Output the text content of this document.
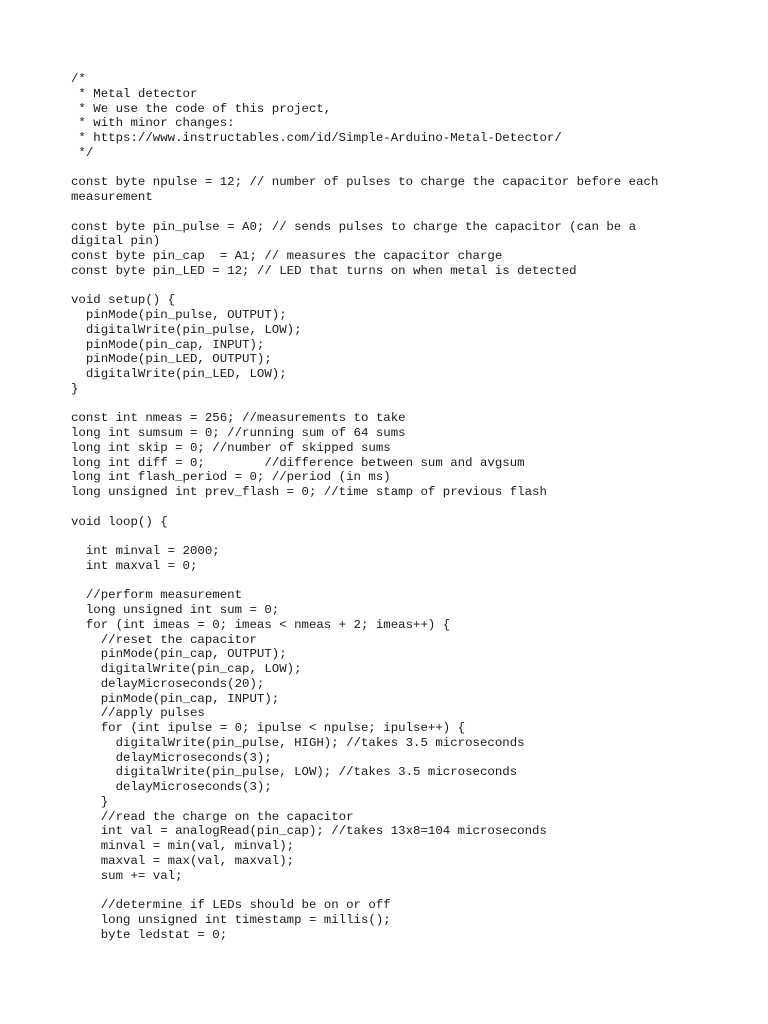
/*
* Metal detector
* We use the code of this project,
* with minor changes:
* https://www.instructables.com/id/Simple-Arduino-Metal-Detector/
*/
const byte npulse = 12; // number of pulses to charge the capacitor before each
measurement
const byte pin_pulse = A0; // sends pulses to charge the capacitor (can be a
digital pin)
const byte pin_cap  = A1; // measures the capacitor charge
const byte pin_LED = 12; // LED that turns on when metal is detected
void setup() {
pinMode(pin_pulse, OUTPUT);
digitalWrite(pin_pulse, LOW);
pinMode(pin_cap, INPUT);
pinMode(pin_LED, OUTPUT);
digitalWrite(pin_LED, LOW);
}
const int nmeas = 256; //measurements to take
long int sumsum = 0; //running sum of 64 sums
long int skip = 0; //number of skipped sums
long int diff = 0;        //difference between sum and avgsum
long int flash_period = 0; //period (in ms)
long unsigned int prev_flash = 0; //time stamp of previous flash
void loop() {
int minval = 2000;
int maxval = 0;
//perform measurement
long unsigned int sum = 0;
for (int imeas = 0; imeas < nmeas + 2; imeas++) {
//reset the capacitor
pinMode(pin_cap, OUTPUT);
digitalWrite(pin_cap, LOW);
delayMicroseconds(20);
pinMode(pin_cap, INPUT);
//apply pulses
for (int ipulse = 0; ipulse < npulse; ipulse++) {
digitalWrite(pin_pulse, HIGH); //takes 3.5 microseconds
delayMicroseconds(3);
digitalWrite(pin_pulse, LOW); //takes 3.5 microseconds
delayMicroseconds(3);
}
//read the charge on the capacitor
int val = analogRead(pin_cap); //takes 13x8=104 microseconds
minval = min(val, minval);
maxval = max(val, maxval);
sum += val;
//determine if LEDs should be on or off
long unsigned int timestamp = millis();
byte ledstat = 0;
